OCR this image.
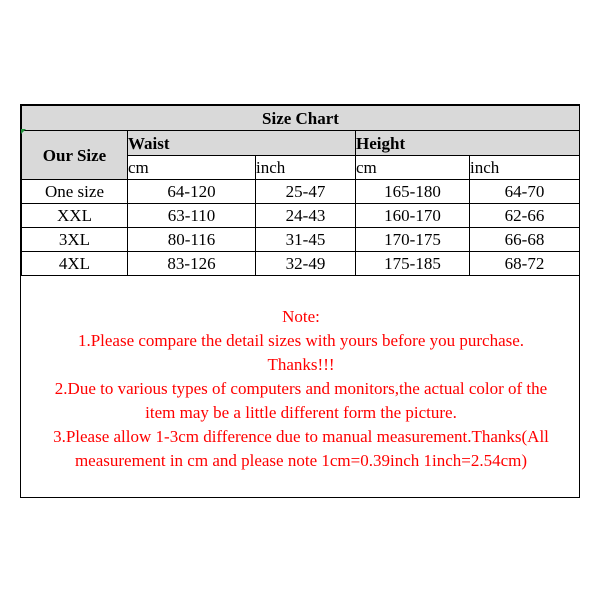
Size Chart				
Our Size	Waist		Height	
	cm	inch	cm	inch
One size	64-120	25-47	165-180	64-70
XXL	63-110	24-43	160-170	62-66
3XL	80-116	31-45	170-175	66-68
4XL	83-126	32-49	175-185	68-72
Note:
1.Please compare the detail sizes with yours before you purchase.
Thanks!!!
2.Due to various types of computers and monitors,the actual color of the
item may be a little different form the picture.
3.Please allow 1-3cm difference due to manual measurement.Thanks(All
measurement in cm and please note 1cm=0.39inch 1inch=2.54cm)
